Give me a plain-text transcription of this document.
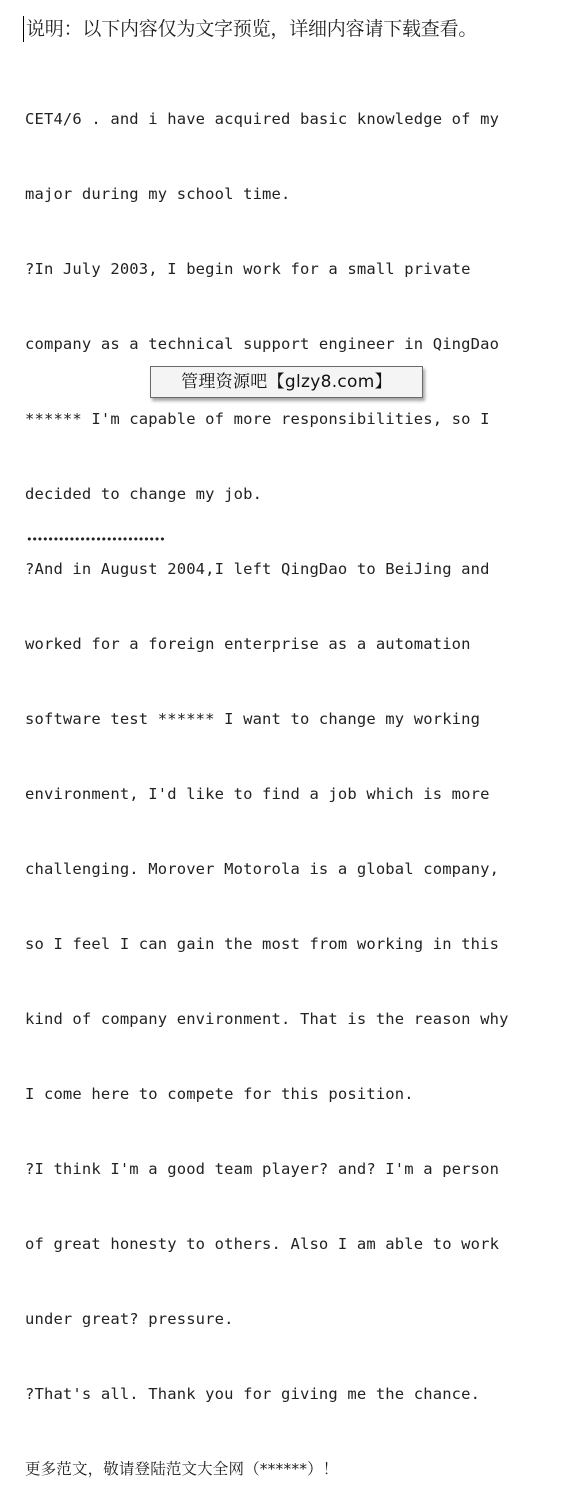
说明：以下内容仅为文字预览，详细内容请下载查看。

CET4/6 . and i have acquired basic knowledge of my

major during my school time.

?In July 2003, I begin work for a small private

company as a technical support engineer in QingDao

****** I'm capable of more responsibilities, so I

decided to change my job.

?And in August 2004,I left QingDao to BeiJing and

worked for a foreign enterprise as a automation

software test ****** I want to change my working

environment, I'd like to find a job which is more

challenging. Morover Motorola is a global company,

so I feel I can gain the most from working in this

kind of company environment. That is the reason why

I come here to compete for this position.

?I think I'm a good team player? and? I'm a person

of great honesty to others. Also I am able to work

under great? pressure.

?That's all. Thank you for giving me the chance.

更多范文，敬请登陆范文大全网（******）！

••••••••••••••••••••••••••
管理资源吧【glzy8.com】
